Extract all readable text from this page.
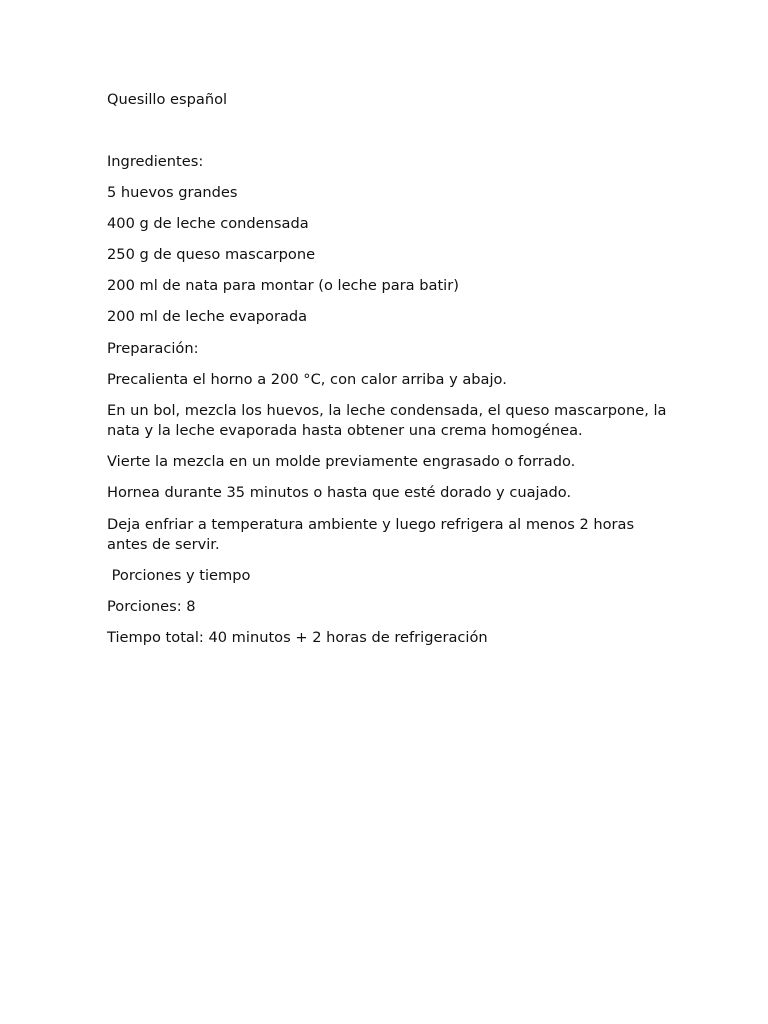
Quesillo español

Ingredientes:

5 huevos grandes

400 g de leche condensada

250 g de queso mascarpone

200 ml de nata para montar (o leche para batir)

200 ml de leche evaporada

Preparación:

Precalienta el horno a 200 °C, con calor arriba y abajo.

En un bol, mezcla los huevos, la leche condensada, el queso mascarpone, la nata y la leche evaporada hasta obtener una crema homogénea.

Vierte la mezcla en un molde previamente engrasado o forrado.

Hornea durante 35 minutos o hasta que esté dorado y cuajado.

Deja enfriar a temperatura ambiente y luego refrigera al menos 2 horas antes de servir.

Porciones y tiempo

Porciones: 8

Tiempo total: 40 minutos + 2 horas de refrigeración
